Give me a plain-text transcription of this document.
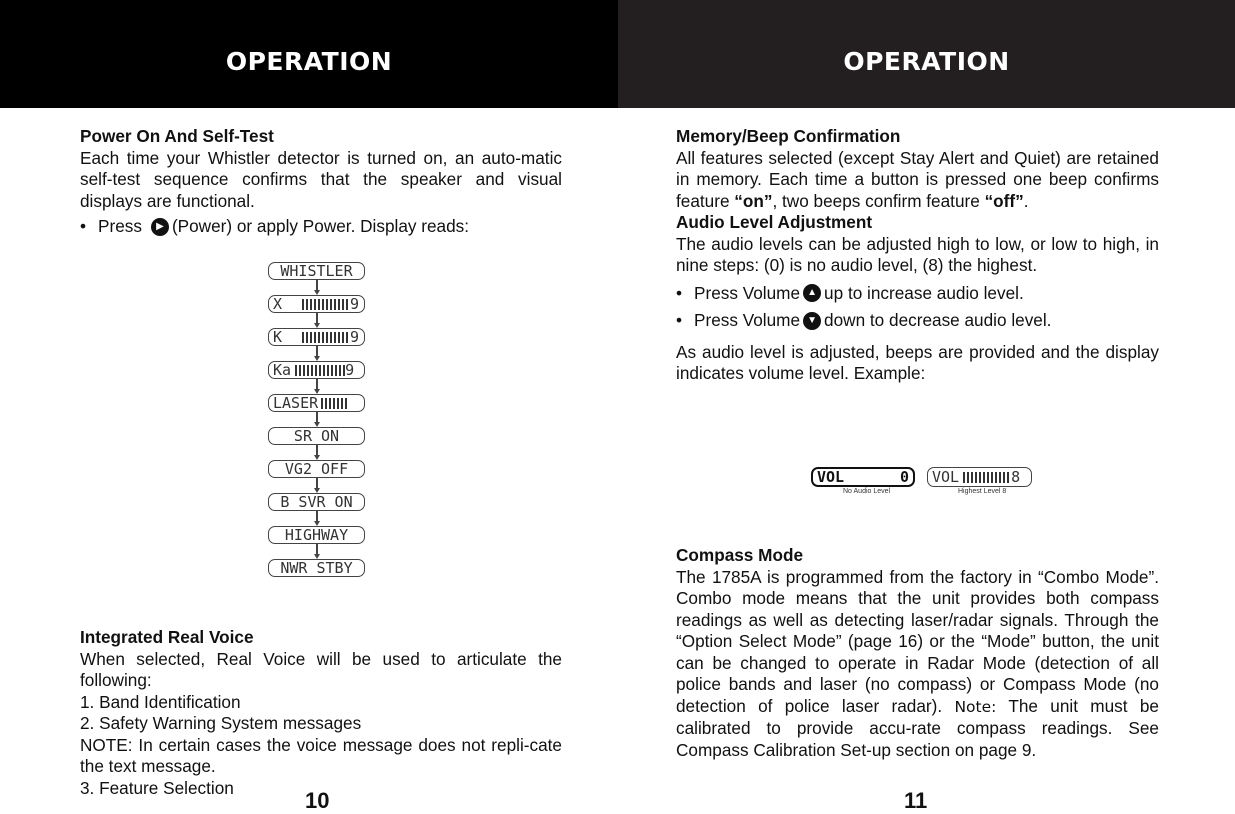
OPERATION
Power On And Self-Test

Each time your Whistler detector is turned on, an auto-matic self-test sequence confirms that the speaker and visual displays are functional.

• Press	▶ (Power) or apply Power. Display reads:
WHISTLER
X	9
K	9
Ka	9
LASER
SR ON
VG2 OFF
B SVR ON
HIGHWAY
NWR STBY
Integrated Real Voice

When selected, Real Voice will be used to articulate the following:

1. Band Identification

2. Safety Warning System messages

NOTE: In certain cases the voice message does not repli-cate the text message.

3. Feature Selection

10
OPERATION
Memory/Beep Confirmation

All features selected (except Stay Alert and Quiet) are retained in memory. Each time a button is pressed one beep confirms feature “on”, two beeps confirm feature “off”.

Audio Level Adjustment

The audio levels can be adjusted high to low, or low to high, in nine steps: (0) is no audio level, (8) the highest.

• Press Volume ▲ up to increase audio level.
• Press Volume ▼ down to decrease audio level.

As audio level is adjusted, beeps are provided and the display indicates volume level. Example:

VOL	0
No Audio Level
VOL	8
Highest Level 8
Compass Mode

The 1785A is programmed from the factory in “Combo Mode”. Combo mode means that the unit provides both compass readings as well as detecting laser/radar signals. Through the “Option Select Mode” (page 16) or the “Mode” button, the unit can be changed to operate in Radar Mode (detection of all police bands and laser (no compass) or Compass Mode (no detection of police laser radar). Note: The unit must be calibrated to provide accu-rate compass readings. See Compass Calibration Set-up section on page 9.

11
